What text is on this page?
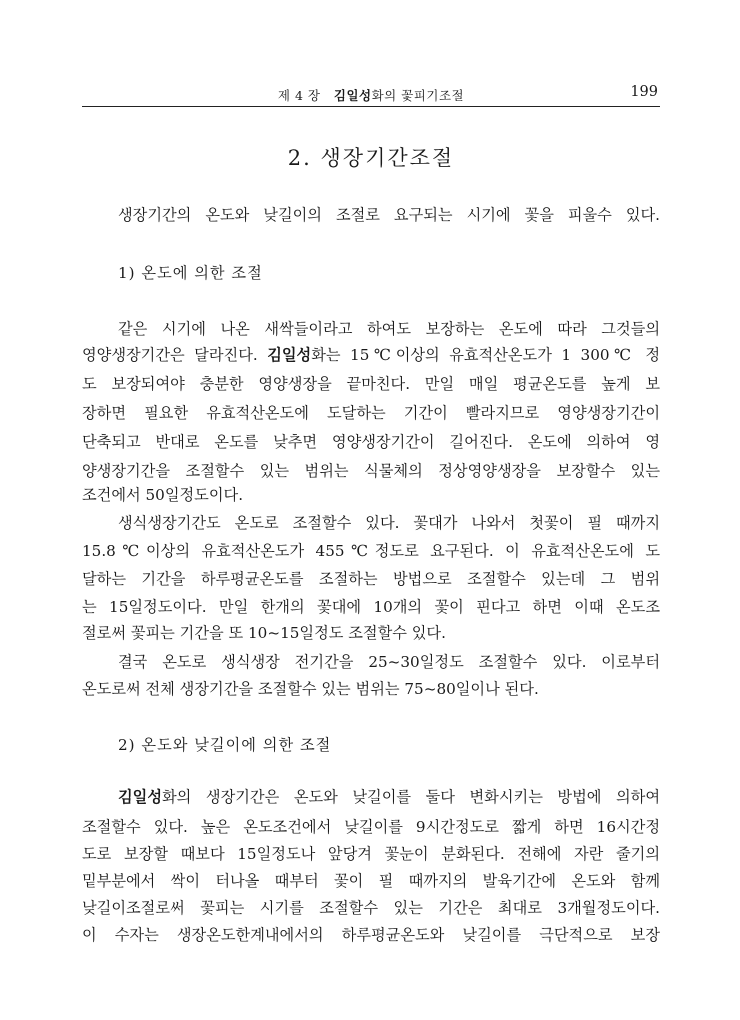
제 4 장 김일성화의 꽃피기조절	199
2. 생장기간조절
생장기간의 온도와 낮길이의 조절로 요구되는 시기에 꽃을 피울수 있다.
1) 온도에 의한 조절
같은 시기에 나온 새싹들이라고 하여도 보장하는 온도에 따라 그것들의
영양생장기간은 달라진다. 김일성화는 15℃이상의 유효적산온도가 1 300℃ 정
도 보장되여야 충분한 영양생장을 끝마친다. 만일 매일 평균온도를 높게 보
장하면 필요한 유효적산온도에 도달하는 기간이 빨라지므로 영양생장기간이
단축되고 반대로 온도를 낮추면 영양생장기간이 길어진다. 온도에 의하여 영
양생장기간을 조절할수 있는 범위는 식물체의 정상영양생장을 보장할수 있는
조건에서 50일정도이다.
생식생장기간도 온도로 조절할수 있다. 꽃대가 나와서 첫꽃이 필 때까지
15.8℃이상의 유효적산온도가 455℃정도로 요구된다. 이 유효적산온도에 도
달하는 기간을 하루평균온도를 조절하는 방법으로 조절할수 있는데 그 범위
는 15일정도이다. 만일 한개의 꽃대에 10개의 꽃이 핀다고 하면 이때 온도조
절로써 꽃피는 기간을 또 10~15일정도 조절할수 있다.
결국 온도로 생식생장 전기간을 25~30일정도 조절할수 있다. 이로부터
온도로써 전체 생장기간을 조절할수 있는 범위는 75~80일이나 된다.
2) 온도와 낮길이에 의한 조절
김일성화의 생장기간은 온도와 낮길이를 둘다 변화시키는 방법에 의하여
조절할수 있다. 높은 온도조건에서 낮길이를 9시간정도로 짧게 하면 16시간정
도로 보장할 때보다 15일정도나 앞당겨 꽃눈이 분화된다. 전해에 자란 줄기의
밑부분에서 싹이 터나올 때부터 꽃이 필 때까지의 발육기간에 온도와 함께
낮길이조절로써 꽃피는 시기를 조절할수 있는 기간은 최대로 3개월정도이다.
이 수자는 생장온도한계내에서의 하루평균온도와 낮길이를 극단적으로 보장
